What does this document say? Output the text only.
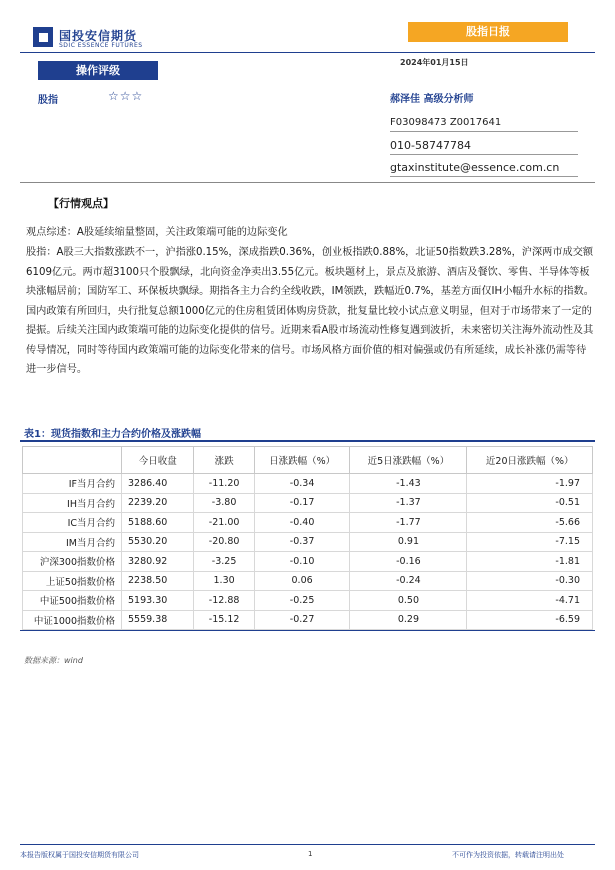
国投安信期货
SDIC ESSENCE FUTURES
股指日报
2024年01月15日
操作评级
股指	☆☆☆	郝泽佳 高级分析师
F03098473 Z0017641
010-58747784
gtaxinstitute@essence.com.cn
【行情观点】
观点综述：A股延续缩量整固，关注政策端可能的边际变化
股指：A股三大指数涨跌不一，沪指涨0.15%，深成指跌0.36%，创业板指跌0.88%，北证50指数跌3.28%，沪深两市成交额6109亿元。两市超3100只个股飘绿，北向资金净卖出3.55亿元。板块题材上，景点及旅游、酒店及餐饮、零售、半导体等板块涨幅居前；国防军工、环保板块飘绿。期指各主力合约全线收跌，IM领跌，跌幅近0.7%，基差方面仅IH小幅升水标的指数。国内政策有所回归，央行批复总额1000亿元的住房租赁团体购房贷款，批复量比较小试点意义明显，但对于市场带来了一定的提振。后续关注国内政策端可能的边际变化提供的信号。近期来看A股市场流动性修复遇到波折，未来密切关注海外流动性及其传导情况，同时等待国内政策端可能的边际变化带来的信号。市场风格方面价值的相对偏强或仍有所延续，成长补涨仍需等待进一步信号。
表1：现货指数和主力合约价格及涨跌幅
	今日收盘	涨跌	日涨跌幅（%）	近5日涨跌幅（%）	近20日涨跌幅（%）
IF当月合约	3286.40	-11.20	-0.34	-1.43	-1.97
IH当月合约	2239.20	-3.80	-0.17	-1.37	-0.51
IC当月合约	5188.60	-21.00	-0.40	-1.77	-5.66
IM当月合约	5530.20	-20.80	-0.37	0.91	-7.15
沪深300指数价格	3280.92	-3.25	-0.10	-0.16	-1.81
上证50指数价格	2238.50	1.30	0.06	-0.24	-0.30
中证500指数价格	5193.30	-12.88	-0.25	0.50	-4.71
中证1000指数价格	5559.38	-15.12	-0.27	0.29	-6.59
数据来源：wind
本报告版权属于国投安信期货有限公司	1	不可作为投资依据，转载请注明出处
